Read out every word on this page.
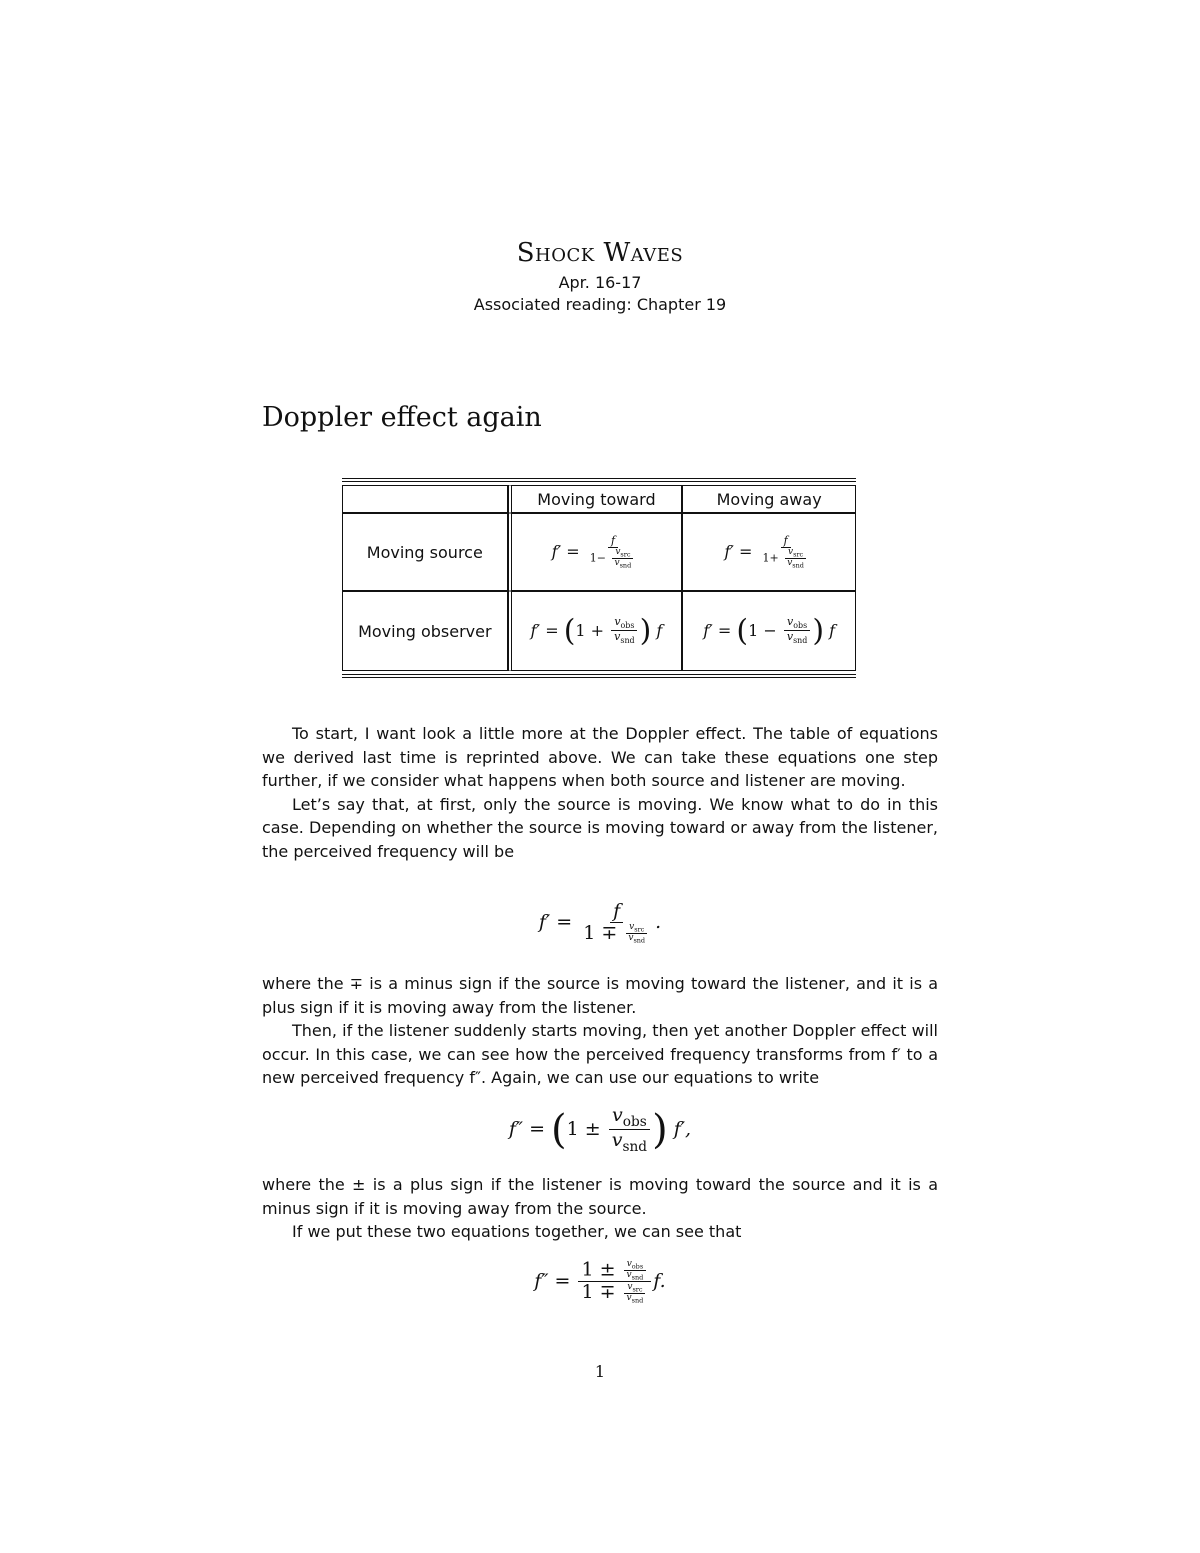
Shock Waves
Apr. 16-17
Associated reading: Chapter 19
Doppler effect again
	Moving toward	Moving away
Moving source	$f' = \frac{f}{1- \frac{v_{src}}{v_{snd}}}$	$f' = \frac{f}{1+ \frac{v_{src}}{v_{snd}}}$

Moving observer	$f' = (1 + \frac{v_{obs}}{v_{snd}}$ ) f	$f' = (1 - \frac{v_{obs}}{v_{snd}}$ ) f

To start, I want look a little more at the Doppler effect. The table of equations we derived last time is reprinted above. We can take these equations one step further, if we consider what happens when both source and listener are moving.

Let’s say that, at first, only the source is moving. We know what to do in this case. Depending on whether the source is moving toward or away from the listener, the perceived frequency will be

$f' = \frac{f}{1 \mp \frac{v_{src}}{v_{snd}}}$ .

where the ∓ is a minus sign if the source is moving toward the listener, and it is a plus sign if it is moving away from the listener.

Then, if the listener suddenly starts moving, then yet another Doppler effect will occur. In this case, we can see how the perceived frequency transforms from f′ to a new perceived frequency f″. Again, we can use our equations to write

$f'' = (1 \pm \frac{v_{obs}}{v_{snd}}$ ) f′,

where the ± is a plus sign if the listener is moving toward the source and it is a minus sign if it is moving away from the source.

If we put these two equations together, we can see that

$f'' = \frac{1 \pm \frac{v_{obs}}{v_{snd}}}{1 \mp \frac{v_{src}}{v_{snd}}} f$.
1
